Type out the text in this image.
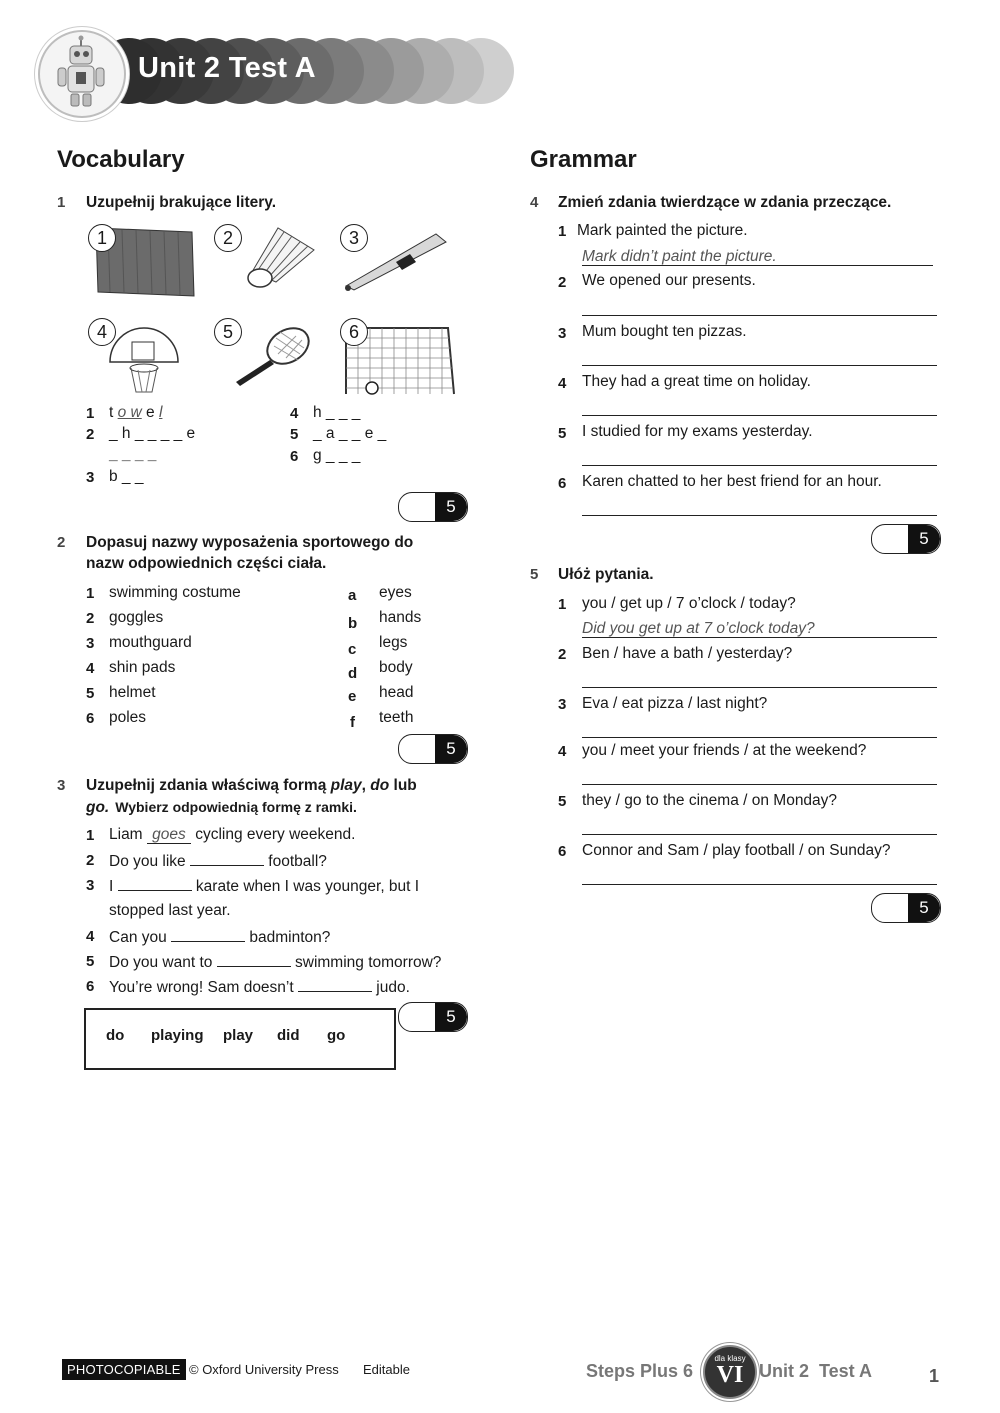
Unit 2 Test A
Vocabulary
1 Uzupełnij brakujące litery.
1	2	3
4	5	6
1 t o w e l
2 _ h _ _ _ _ e
_ _ _ _
3 b _ _
4 h _ _ _
5 _ a _ _ e _
6 g _ _ _
5
2 Dopasuj nazwy wyposażenia sportowego do
nazw odpowiednich części ciała.
1 swimming costume
2 goggles
3 mouthguard
4 shin pads
5 helmet
6 poles
a eyes
b hands
c legs
d body
e head
f teeth
5
3 Uzupełnij zdania właściwą formą play, do lub
go. Wybierz odpowiednią formę z ramki.
1 Liam goes cycling every weekend.
2 Do you like	football?
3 I	karate when I was younger, but I
stopped last year.
4 Can you	badminton?
5 Do you want to	swimming tomorrow?
6 You’re wrong! Sam doesn’t	judo.
do playing play did go
5
Grammar
4 Zmień zdania twierdzące w zdania przeczące.
1 Mark painted the picture.
Mark didn’t paint the picture.
2 We opened our presents.
3 Mum bought ten pizzas.
4 They had a great time on holiday.
5 I studied for my exams yesterday.
6 Karen chatted to her best friend for an hour.
5
5 Ułóż pytania.
1 you / get up / 7 o’clock / today?
Did you get up at 7 o’clock today?
2 Ben / have a bath / yesterday?
3 Eva / eat pizza / last night?
4 you / meet your friends / at the weekend?
5 they / go to the cinema / on Monday?
6 Connor and Sam / play football / on Sunday?
5
PHOTOCOPIABLE © Oxford University Press Editable	Steps Plus 6
dla klasy
VI Unit 2  Test A	1
